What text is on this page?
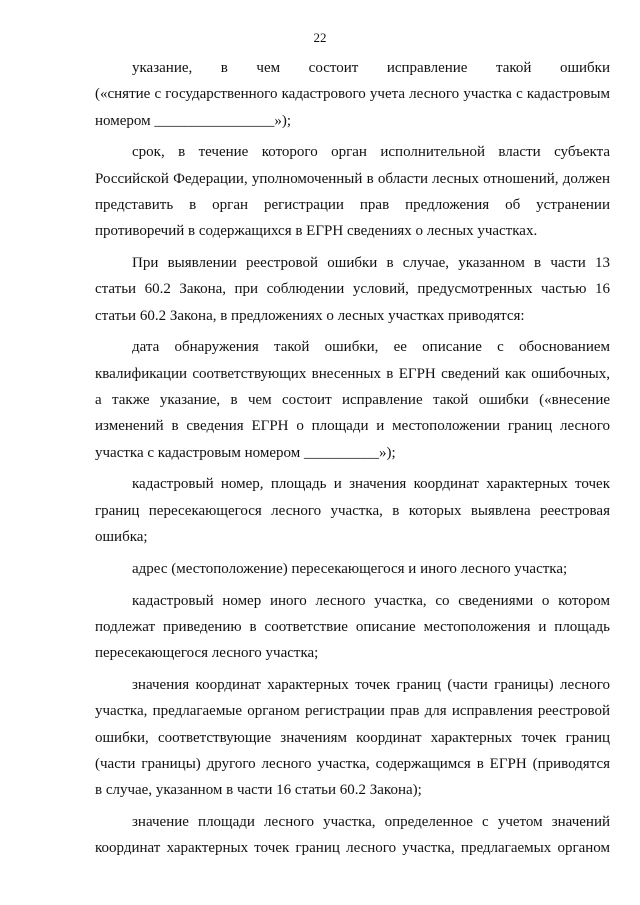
22
указание,   в   чем   состоит   исправление   такой   ошибки
(«снятие с государственного кадастрового учета лесного участка с кадастровым
номером ________________»);
срок, в течение которого орган исполнительной власти субъекта
Российской Федерации, уполномоченный в области лесных отношений, должен
представить в орган регистрации прав предложения об устранении
противоречий в содержащихся в ЕГРН сведениях о лесных участках.
При выявлении реестровой ошибки в случае, указанном в части 13
статьи 60.2 Закона, при соблюдении условий, предусмотренных частью 16
статьи 60.2 Закона, в предложениях о лесных участках приводятся:
дата обнаружения такой ошибки, ее описание с обоснованием
квалификации соответствующих внесенных в ЕГРН сведений как ошибочных,
а также указание, в чем состоит исправление такой ошибки («внесение
изменений в сведения ЕГРН о площади и местоположении границ лесного
участка с кадастровым номером __________»);
кадастровый номер, площадь и значения координат характерных точек
границ пересекающегося лесного участка, в которых выявлена реестровая
ошибка;
адрес (местоположение) пересекающегося и иного лесного участка;
кадастровый номер иного лесного участка, со сведениями о котором
подлежат приведению в соответствие описание местоположения и площадь
пересекающегося лесного участка;
значения координат характерных точек границ (части границы) лесного
участка, предлагаемые органом регистрации прав для исправления реестровой
ошибки, соответствующие значениям координат характерных точек границ
(части границы) другого лесного участка, содержащимся в ЕГРН (приводятся
в случае, указанном в части 16 статьи 60.2 Закона);
значение площади лесного участка, определенное с учетом значений
координат характерных точек границ лесного участка, предлагаемых органом
